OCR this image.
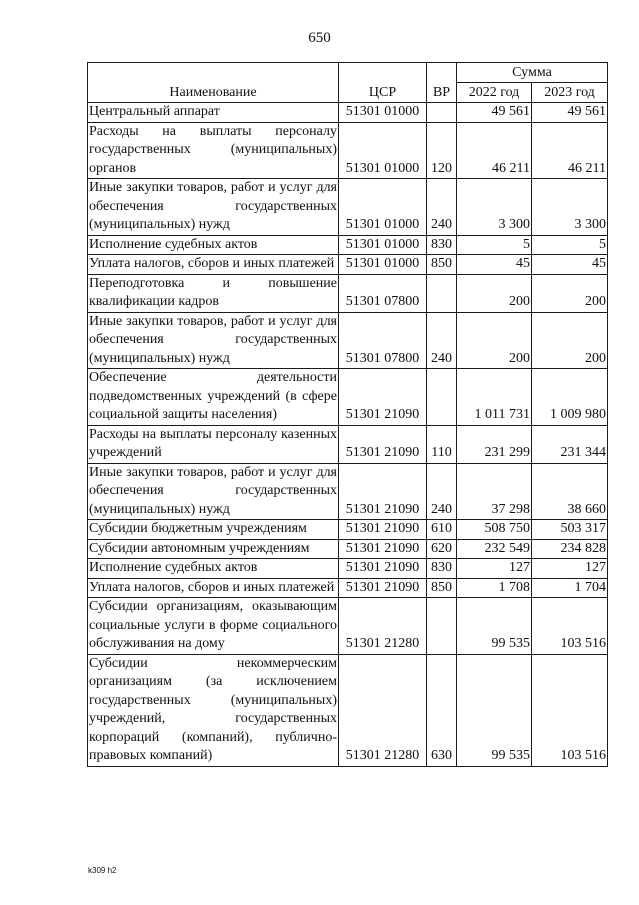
650
Наименование	ЦСР	ВР	Сумма	
			2022 год	2023 год
Центральный аппарат	51301 01000		49 561	49 561
Расходы на выплаты персоналу государственных (муниципальных) органов	51301 01000	120	46 211	46 211
Иные закупки товаров, работ и услуг для обеспечения государственных (муниципальных) нужд	51301 01000	240	3 300	3 300
Исполнение судебных актов	51301 01000	830	5	5
Уплата налогов, сборов и иных платежей	51301 01000	850	45	45
Переподготовка и повышение квалификации кадров	51301 07800		200	200
Иные закупки товаров, работ и услуг для обеспечения государственных (муниципальных) нужд	51301 07800	240	200	200
Обеспечение деятельности подведомственных учреждений (в сфере социальной защиты населения)	51301 21090		1 011 731	1 009 980
Расходы на выплаты персоналу казенных учреждений	51301 21090	110	231 299	231 344
Иные закупки товаров, работ и услуг для обеспечения государственных (муниципальных) нужд	51301 21090	240	37 298	38 660
Субсидии бюджетным учреждениям	51301 21090	610	508 750	503 317
Субсидии автономным учреждениям	51301 21090	620	232 549	234 828
Исполнение судебных актов	51301 21090	830	127	127
Уплата налогов, сборов и иных платежей	51301 21090	850	1 708	1 704
Субсидии организациям, оказывающим социальные услуги в форме социального обслуживания на дому	51301 21280		99 535	103 516
Субсидии некоммерческим организациям (за исключением государственных (муниципальных) учреждений, государственных корпораций (компаний), публично-правовых компаний)	51301 21280	630	99 535	103 516
k309 h2
